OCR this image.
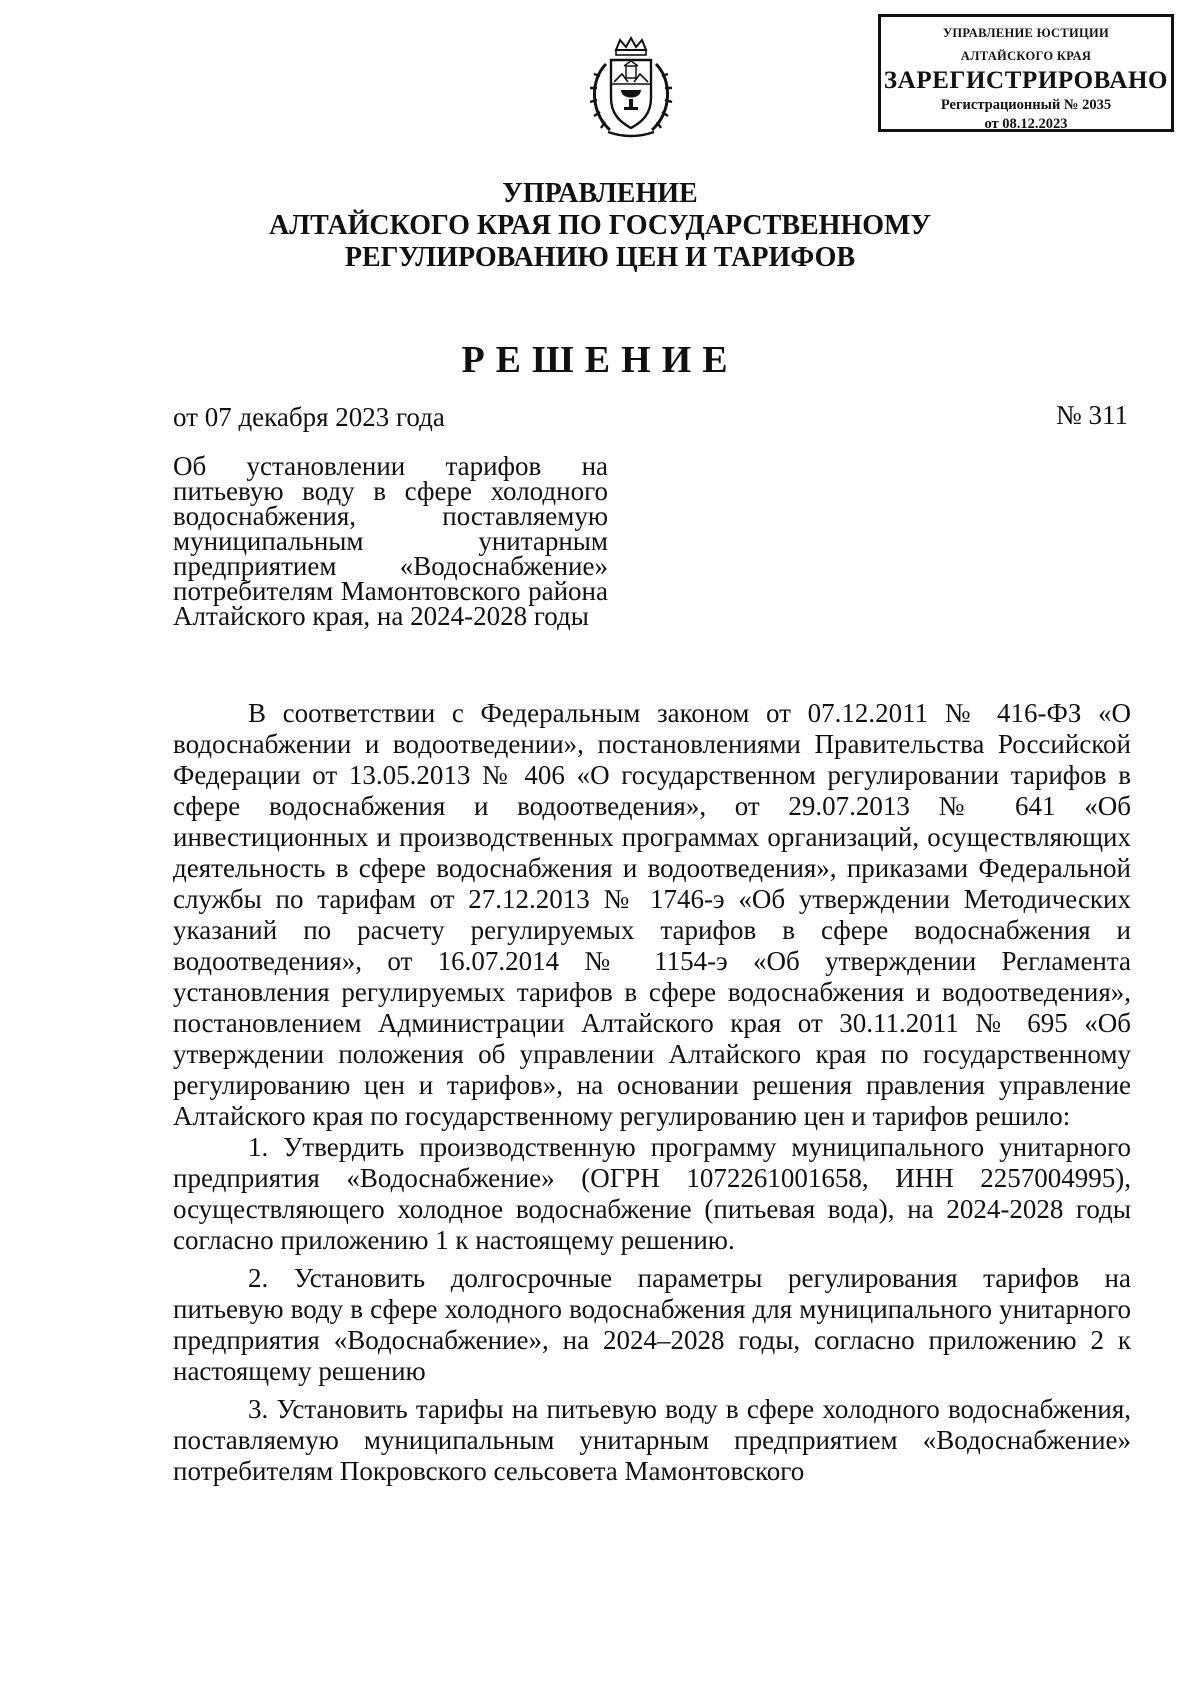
УПРАВЛЕНИЕ ЮСТИЦИИ
АЛТАЙСКОГО КРАЯ
ЗАРЕГИСТРИРОВАНО
Регистрационный № 2035
от 08.12.2023
УПРАВЛЕНИЕ
АЛТАЙСКОГО КРАЯ ПО ГОСУДАРСТВЕННОМУ
РЕГУЛИРОВАНИЮ ЦЕН И ТАРИФОВ
РЕШЕНИЕ
от 07 декабря 2023 года	№ 311
Об установлении тарифов на питьевую воду в сфере холодного водоснабжения, поставляемую муниципальным унитарным предприятием «Водоснабжение» потребителям Мамонтовского района Алтайского края, на 2024-2028 годы

В соответствии с Федеральным законом от 07.12.2011 № 416-ФЗ «О водоснабжении и водоотведении», постановлениями Правительства Российской Федерации от 13.05.2013 № 406 «О государственном регулировании тарифов в сфере водоснабжения и водоотведения», от 29.07.2013 № 641 «Об инвестиционных и производственных программах организаций, осуществляющих деятельность в сфере водоснабжения и водоотведения», приказами Федеральной службы по тарифам от 27.12.2013 № 1746-э «Об утверждении Методических указаний по расчету регулируемых тарифов в сфере водоснабжения и водоотведения», от 16.07.2014 № 1154-э «Об утверждении Регламента установления регулируемых тарифов в сфере водоснабжения и водоотведения», постановлением Администрации Алтайского края от 30.11.2011 № 695 «Об утверждении положения об управлении Алтайского края по государственному регулированию цен и тарифов», на основании решения правления управление Алтайского края по государственному регулированию цен и тарифов решило:

1. Утвердить производственную программу муниципального унитарного предприятия «Водоснабжение» (ОГРН 1072261001658, ИНН 2257004995), осуществляющего холодное водоснабжение (питьевая вода), на 2024-2028 годы согласно приложению 1 к настоящему решению.

2. Установить долгосрочные параметры регулирования тарифов на питьевую воду в сфере холодного водоснабжения для муниципального унитарного предприятия «Водоснабжение», на 2024–2028 годы, согласно приложению 2 к настоящему решению

3. Установить тарифы на питьевую воду в сфере холодного водоснабжения, поставляемую муниципальным унитарным предприятием «Водоснабжение» потребителям Покровского сельсовета Мамонтовского
